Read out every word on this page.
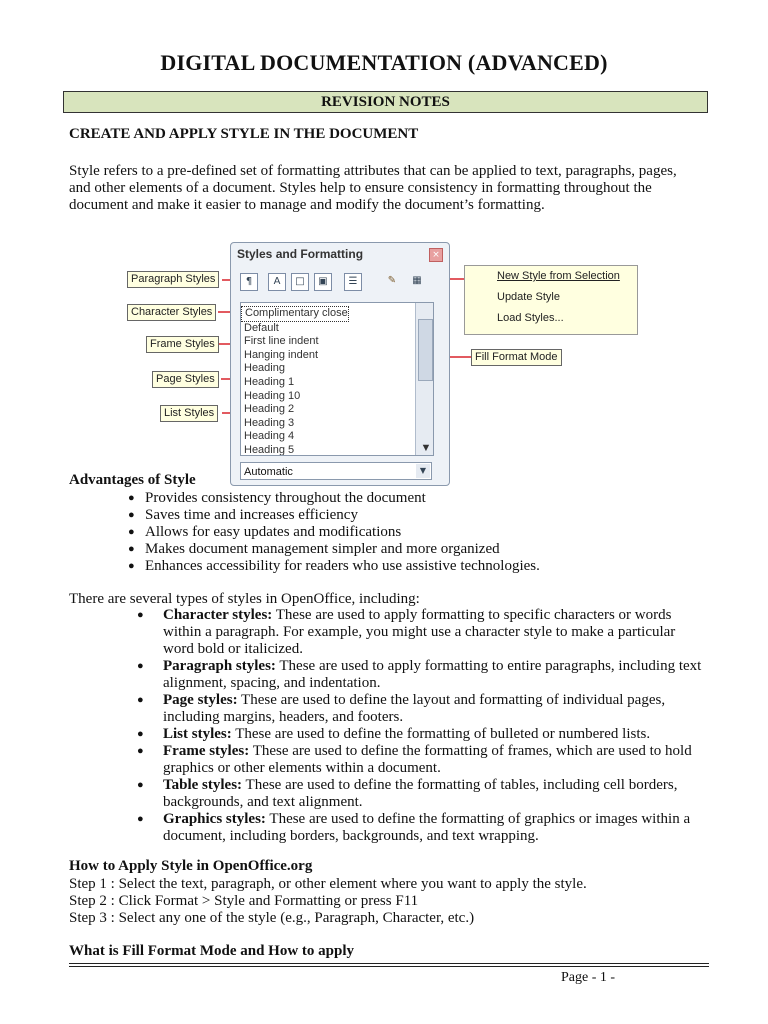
DIGITAL DOCUMENTATION (ADVANCED)
REVISION NOTES
CREATE AND APPLY STYLE IN THE DOCUMENT
Style refers to a pre-defined set of formatting attributes that can be applied to text, paragraphs, pages,
and other elements of a document. Styles help to ensure consistency in formatting throughout the
document and make it easier to manage and modify the document’s formatting.
Paragraph Styles
Character Styles
Frame Styles
Page Styles
List Styles
Fill Format Mode
New Style from Selection
Update Style
Load Styles...
Styles and Formatting	×
¶	A	□	▣	☰	✎	▦
Complimentary close
Default
First line indent
Hanging indent
Heading
Heading 1
Heading 10
Heading 2
Heading 3
Heading 4
Heading 5	▼
Automatic	▼
Advantages of Style
● Provides consistency throughout the document
● Saves time and increases efficiency
● Allows for easy updates and modifications
● Makes document management simpler and more organized
● Enhances accessibility for readers who use assistive technologies.
There are several types of styles in OpenOffice, including:
● Character styles: These are used to apply formatting to specific characters or words within a paragraph. For example, you might use a character style to make a particular word bold or italicized.
● Paragraph styles: These are used to apply formatting to entire paragraphs, including text alignment, spacing, and indentation.
● Page styles: These are used to define the layout and formatting of individual pages, including margins, headers, and footers.
● List styles: These are used to define the formatting of bulleted or numbered lists.
● Frame styles: These are used to define the formatting of frames, which are used to hold graphics or other elements within a document.
● Table styles: These are used to define the formatting of tables, including cell borders, backgrounds, and text alignment.
● Graphics styles: These are used to define the formatting of graphics or images within a document, including borders, backgrounds, and text wrapping.
How to Apply Style in OpenOffice.org
Step 1 : Select the text, paragraph, or other element where you want to apply the style.
Step 2 : Click Format > Style and Formatting or press F11
Step 3 : Select any one of the style (e.g., Paragraph, Character, etc.)
What is Fill Format Mode and How to apply
Page - 1 -
